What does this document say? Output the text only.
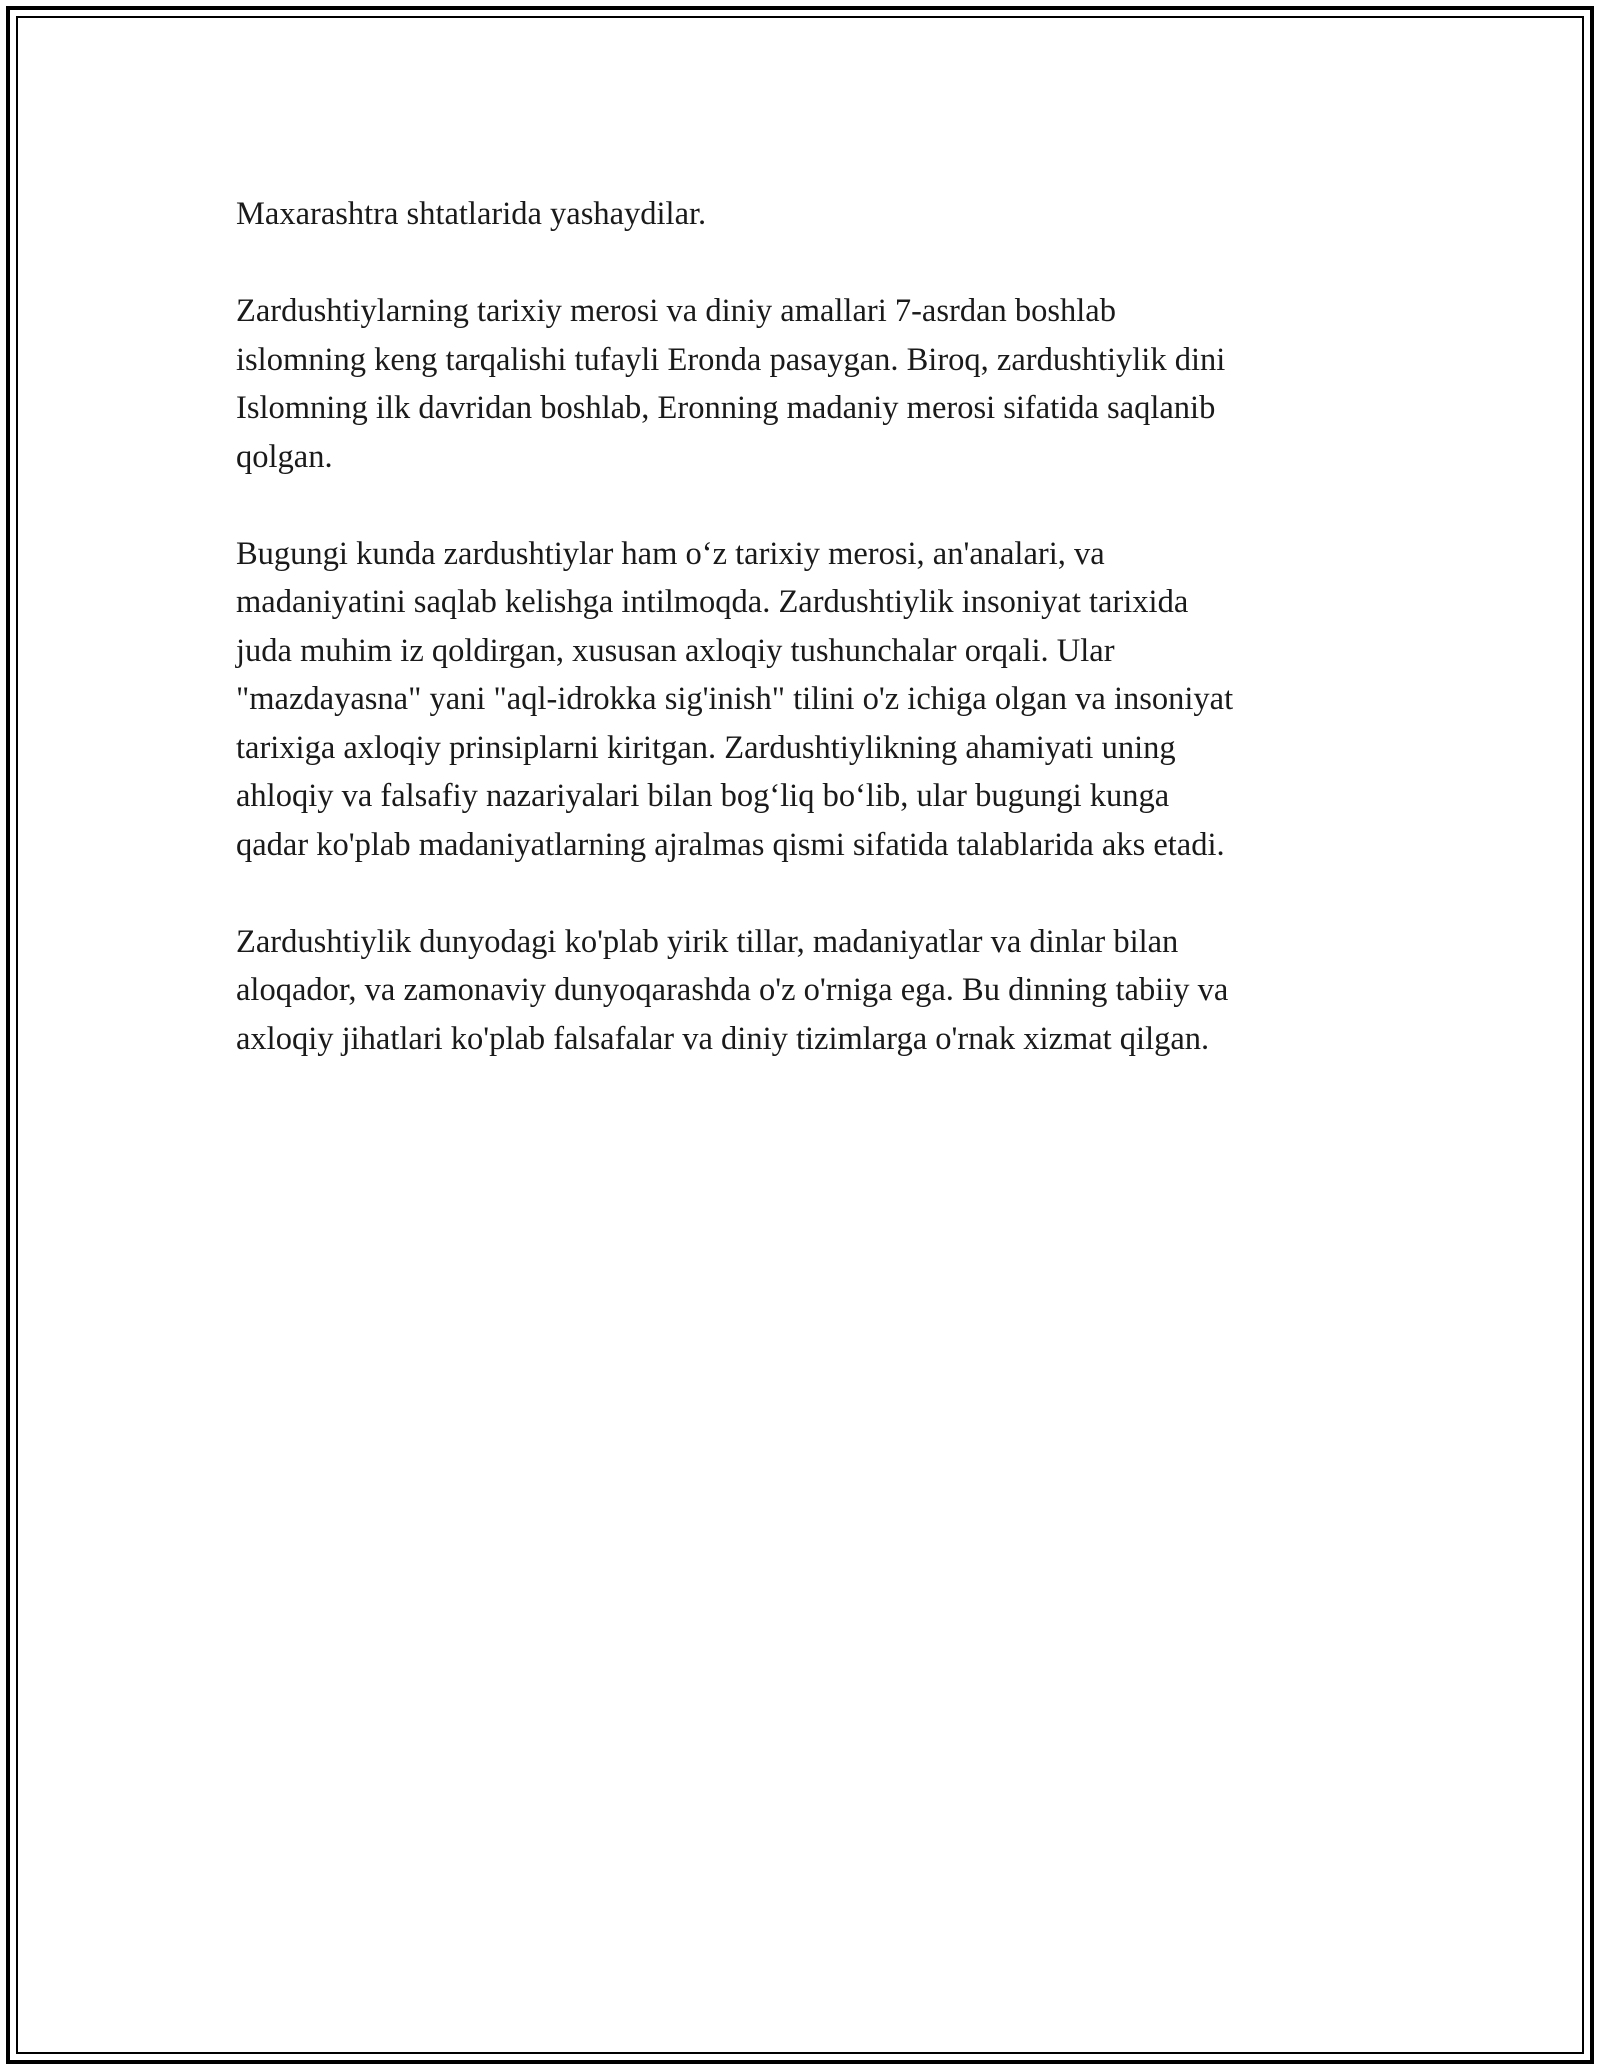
Maxarashtra shtatlarida yashaydilar.

Zardushtiylarning tarixiy merosi va diniy amallari 7-asrdan boshlab
islomning keng tarqalishi tufayli Eronda pasaygan. Biroq, zardushtiylik dini
Islomning ilk davridan boshlab, Eronning madaniy merosi sifatida saqlanib
qolgan.

Bugungi kunda zardushtiylar ham o‘z tarixiy merosi, an'analari, va
madaniyatini saqlab kelishga intilmoqda. Zardushtiylik insoniyat tarixida
juda muhim iz qoldirgan, xususan axloqiy tushunchalar orqali. Ular
"mazdayasna" yani "aql-idrokka sig'inish" tilini o'z ichiga olgan va insoniyat
tarixiga axloqiy prinsiplarni kiritgan. Zardushtiylikning ahamiyati uning
ahloqiy va falsafiy nazariyalari bilan bog‘liq bo‘lib, ular bugungi kunga
qadar ko'plab madaniyatlarning ajralmas qismi sifatida talablarida aks etadi.

Zardushtiylik dunyodagi ko'plab yirik tillar, madaniyatlar va dinlar bilan
aloqador, va zamonaviy dunyoqarashda o'z o'rniga ega. Bu dinning tabiiy va
axloqiy jihatlari ko'plab falsafalar va diniy tizimlarga o'rnak xizmat qilgan.
